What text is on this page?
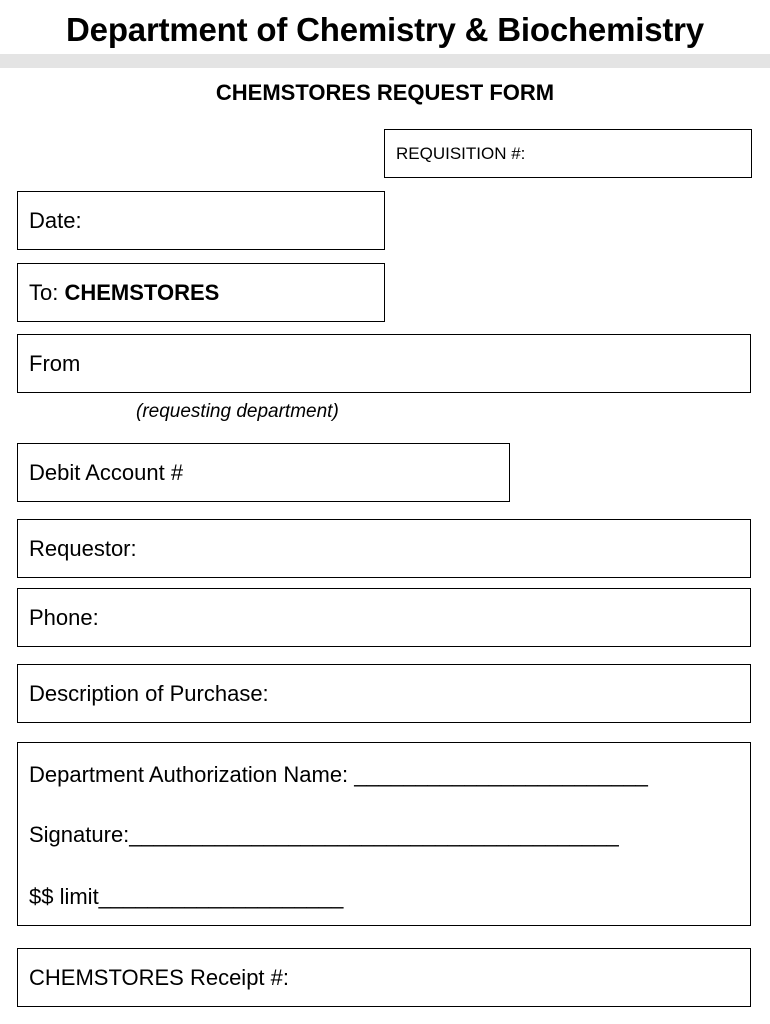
Department of Chemistry & Biochemistry
CHEMSTORES REQUEST FORM
REQUISITION #:
Date:
To:
CHEMSTORES
From
(requesting department)
Debit Account #
Requestor:
Phone:
Description of Purchase:
Department Authorization Name: ________________________
Signature:________________________________________
$$ limit____________________
CHEMSTORES Receipt #:
